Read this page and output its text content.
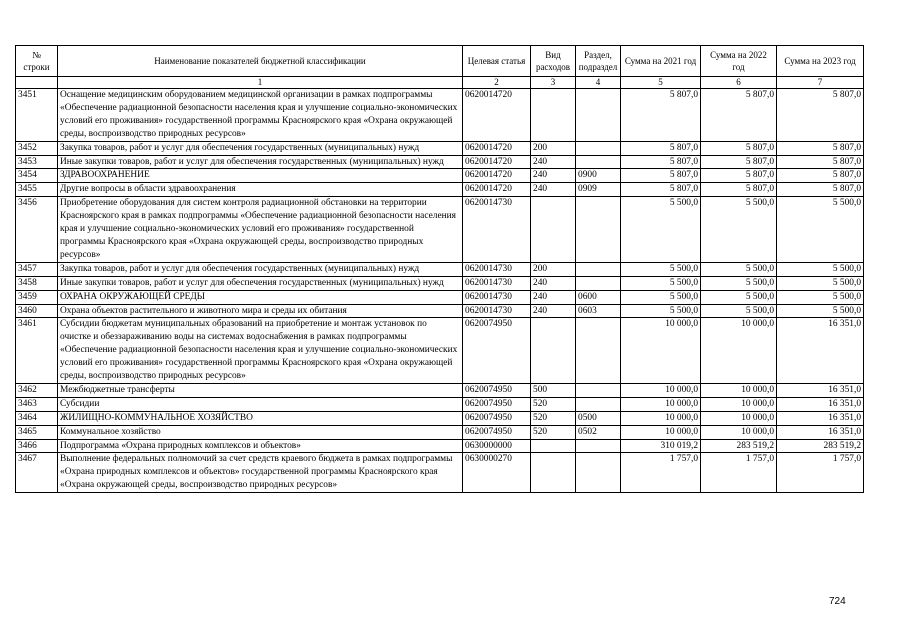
№ строки	Наименование показателей бюджетной классификации	Целевая статья	Вид расходов	Раздел, подраздел	Сумма на 2021 год	Сумма на 2022 год	Сумма на 2023 год
	1	2	3	4	5	6	7
3451	Оснащение медицинским оборудованием медицинской организации в рамках подпрограммы «Обеспечение радиационной безопасности населения края и улучшение социально-экономических условий его проживания» государственной программы Красноярского края «Охрана окружающей среды, воспроизводство природных ресурсов»	0620014720			5 807,0	5 807,0	5 807,0
3452	Закупка товаров, работ и услуг для обеспечения государственных (муниципальных) нужд	0620014720	200		5 807,0	5 807,0	5 807,0
3453	Иные закупки товаров, работ и услуг для обеспечения государственных (муниципальных) нужд	0620014720	240		5 807,0	5 807,0	5 807,0
3454	ЗДРАВООХРАНЕНИЕ	0620014720	240	0900	5 807,0	5 807,0	5 807,0
3455	Другие вопросы в области здравоохранения	0620014720	240	0909	5 807,0	5 807,0	5 807,0
3456	Приобретение оборудования для систем контроля радиационной обстановки на территории Красноярского края в рамках подпрограммы «Обеспечение радиационной безопасности населения края и улучшение социально-экономических условий его проживания» государственной программы Красноярского края «Охрана окружающей среды, воспроизводство природных ресурсов»	0620014730			5 500,0	5 500,0	5 500,0
3457	Закупка товаров, работ и услуг для обеспечения государственных (муниципальных) нужд	0620014730	200		5 500,0	5 500,0	5 500,0
3458	Иные закупки товаров, работ и услуг для обеспечения государственных (муниципальных) нужд	0620014730	240		5 500,0	5 500,0	5 500,0
3459	ОХРАНА ОКРУЖАЮЩЕЙ СРЕДЫ	0620014730	240	0600	5 500,0	5 500,0	5 500,0
3460	Охрана объектов растительного и животного мира и среды их обитания	0620014730	240	0603	5 500,0	5 500,0	5 500,0
3461	Субсидии бюджетам муниципальных образований на приобретение и монтаж установок по очистке и обеззараживанию воды на системах водоснабжения в рамках подпрограммы «Обеспечение радиационной безопасности населения края и улучшение социально-экономических условий его проживания» государственной программы Красноярского края «Охрана окружающей среды, воспроизводство природных ресурсов»	0620074950			10 000,0	10 000,0	16 351,0
3462	Межбюджетные трансферты	0620074950	500		10 000,0	10 000,0	16 351,0
3463	Субсидии	0620074950	520		10 000,0	10 000,0	16 351,0
3464	ЖИЛИЩНО-КОММУНАЛЬНОЕ ХОЗЯЙСТВО	0620074950	520	0500	10 000,0	10 000,0	16 351,0
3465	Коммунальное хозяйство	0620074950	520	0502	10 000,0	10 000,0	16 351,0
3466	Подпрограмма «Охрана природных комплексов и объектов»	0630000000			310 019,2	283 519,2	283 519,2
3467	Выполнение федеральных полномочий за счет средств краевого бюджета в рамках подпрограммы «Охрана природных комплексов и объектов» государственной программы Красноярского края «Охрана окружающей среды, воспроизводство природных ресурсов»	0630000270			1 757,0	1 757,0	1 757,0
724
